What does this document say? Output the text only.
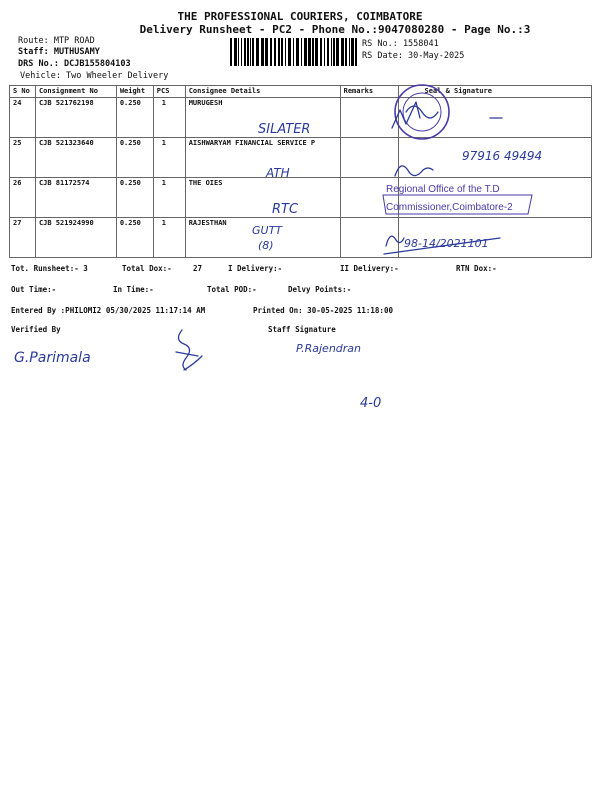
THE PROFESSIONAL COURIERS, COIMBATORE
Delivery Runsheet - PC2 - Phone No.:9047080280 - Page No.:3
Route: MTP ROAD
Staff: MUTHUSAMY
DRS No.: DCJB155804103
Vehicle: Two Wheeler Delivery
RS No.: 1558041
RS Date: 30-May-2025
S No	Consignment No	Weight	PCS	Consignee Details	Remarks	Seal & Signature
24	CJB 521762198	0.250	1	MURUGESH		
25	CJB 521323640	0.250	1	AISHWARYAM FINANCIAL SERVICE P		
26	CJB 81172574	0.250	1	THE OIES		
27	CJB 521924990	0.250	1	RAJESTHAN		
Tot. Runsheet:- 3	Total Dox:-	27	I Delivery:-	II Delivery:-	RTN Dox:-
Out Time:-	In Time:-	Total POD:-	Delvy Points:-
Entered By :PHILOMI2 05/30/2025 11:17:14 AM	Printed On: 30-05-2025 11:18:00
Verified By	Staff Signature
SILATER
ATH
97916 49494
RTC
Regional Office of the T.D
Commissioner,Coimbatore-2
GUTT
(8)	98-14/2021101
G.Parimala
P.Rajendran
4-0
